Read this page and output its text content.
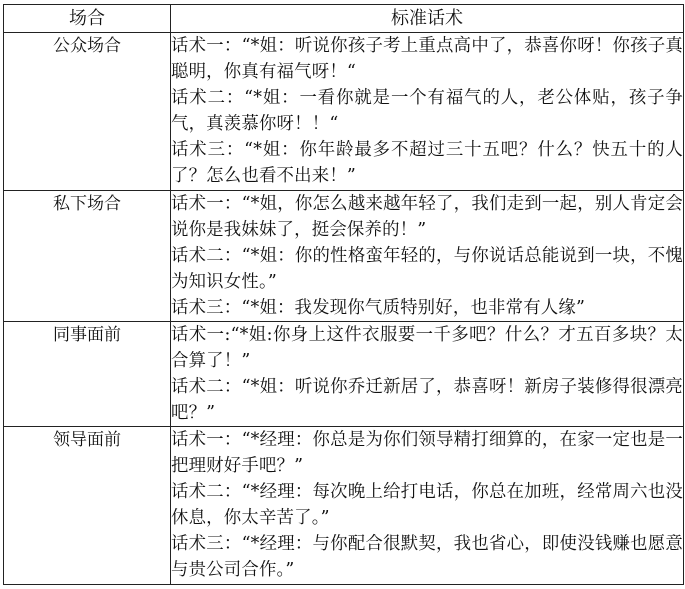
场合	标准话术
公众场合	话术一：“*姐：听说你孩子考上重点高中了，恭喜你呀！你孩子真聪明，你真有福气呀！“
话术二：“*姐：一看你就是一个有福气的人，老公体贴，孩子争气，真羡慕你呀！！“
话术三：“*姐：你年龄最多不超过三十五吧？什么？快五十的人了？怎么也看不出来！”

私下场合	话术一：“*姐，你怎么越来越年轻了，我们走到一起，别人肯定会说你是我妹妹了，挺会保养的！”
话术二：“*姐：你的性格蛮年轻的，与你说话总能说到一块，不愧为知识女性。”
话术三：“*姐：我发现你气质特别好，也非常有人缘”

同事面前	话术一:“*姐:你身上这件衣服要一千多吧？什么？才五百多块？太合算了！”
话术二：“*姐：听说你乔迁新居了，恭喜呀！新房子装修得很漂亮吧？”

领导面前	话术一：“*经理：你总是为你们领导精打细算的，在家一定也是一把理财好手吧？”
话术二：“*经理：每次晚上给打电话，你总在加班，经常周六也没休息，你太辛苦了。”
话术三：“*经理：与你配合很默契，我也省心，即使没钱赚也愿意与贵公司合作。”
